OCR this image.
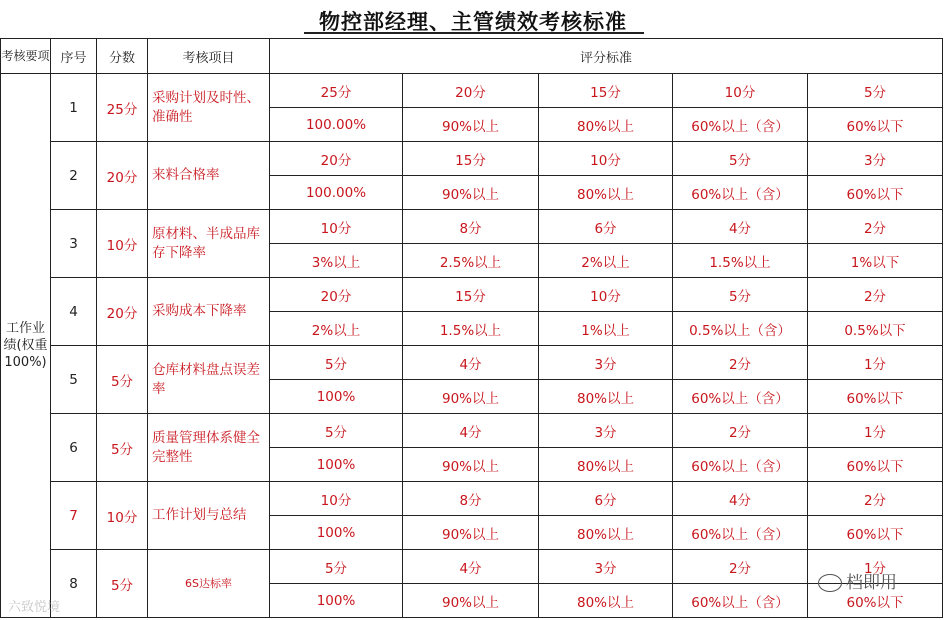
物控部经理、主管绩效考核标准
考核要项	序号	分数	考核项目	评分标准				
工作业绩(权重100%)	1	25分	采购计划及时性、准确性	25分	20分	15分	10分	5分
				100.00%	90%以上	80%以上	60%以上（含）	60%以下
	2	20分	来料合格率	20分	15分	10分	5分	3分
				100.00%	90%以上	80%以上	60%以上（含）	60%以下
	3	10分	原材料、半成品库存下降率	10分	8分	6分	4分	2分
				3%以上	2.5%以上	2%以上	1.5%以上	1%以下
	4	20分	采购成本下降率	20分	15分	10分	5分	2分
				2%以上	1.5%以上	1%以上	0.5%以上（含）	0.5%以下
	5	5分	仓库材料盘点误差率	5分	4分	3分	2分	1分
				100%	90%以上	80%以上	60%以上（含）	60%以下
	6	5分	质量管理体系健全完整性	5分	4分	3分	2分	1分
				100%	90%以上	80%以上	60%以上（含）	60%以下
	7	10分	工作计划与总结	10分	8分	6分	4分	2分
				100%	90%以上	80%以上	60%以上（含）	60%以下
	8	5分	6S达标率	5分	4分	3分	2分	1分
				100%	90%以上	80%以上	60%以上（含）	60%以下
六致悦境
档即用
